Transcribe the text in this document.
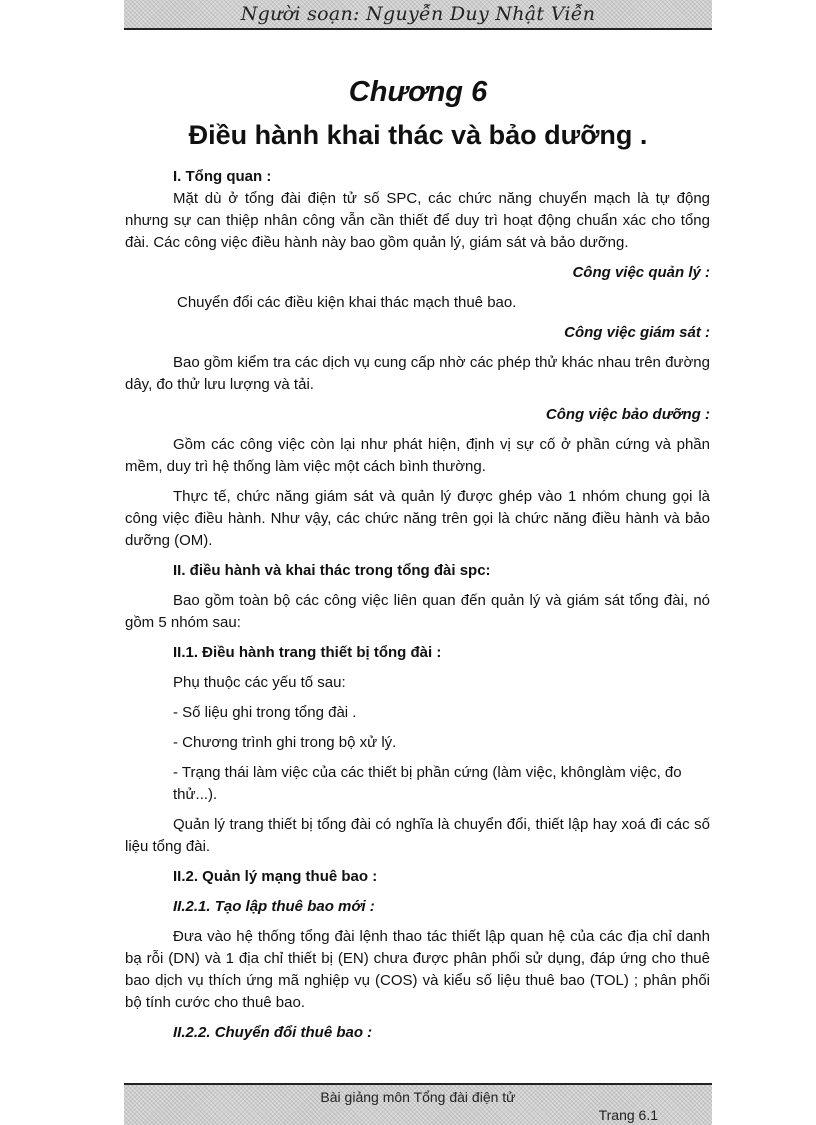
Người soạn: Nguyễn Duy Nhật Viễn
Chương 6
Điều hành khai thác và bảo dưỡng .

I. Tổng quan :

Mặt dù ở tổng đài điện tử số SPC, các chức năng chuyển mạch là tự động nhưng sự can thiệp nhân công vẫn cần thiết để duy trì hoạt động chuẩn xác cho tổng đài. Các công việc điều hành này bao gồm quản lý, giám sát và bảo dưỡng.

Công việc quản lý :

Chuyển đổi các điều kiện khai thác mạch thuê bao.

Công việc giám sát :

Bao gồm kiểm tra các dịch vụ cung cấp nhờ các phép thử khác nhau trên đường dây, đo thử lưu lượng và tải.

Công việc bảo dưỡng :

Gồm các công việc còn lại như phát hiện, định vị sự cố ở phần cứng và phần mềm, duy trì hệ thống làm việc một cách bình thường.

Thực tế, chức năng giám sát và quản lý được ghép vào 1 nhóm chung gọi là công việc điều hành. Như vậy, các chức năng trên gọi là chức năng điều hành và bảo dưỡng (OM).

II. điều hành và khai thác trong tổng đài spc:

Bao gồm toàn bộ các công việc liên quan đến quản lý và giám sát tổng đài, nó gồm 5 nhóm sau:

II.1. Điều hành trang thiết bị tổng đài :

Phụ thuộc các yếu tố sau:

- Số liệu ghi trong tổng đài .

- Chương trình ghi trong bộ xử lý.

- Trạng thái làm việc của các thiết bị phần cứng (làm việc, khônglàm việc, đo thử...).

Quản lý trang thiết bị tổng đài có nghĩa là chuyển đổi, thiết lập hay xoá đi các số liệu tổng đài.

II.2. Quản lý mạng thuê bao :

II.2.1. Tạo lập thuê bao mới :

Đưa vào hệ thống tổng đài lệnh thao tác thiết lập quan hệ của các địa chỉ danh bạ rỗi (DN) và 1 địa chỉ thiết bị (EN) chưa được phân phối sử dụng, đáp ứng cho thuê bao dịch vụ thích ứng mã nghiệp vụ (COS) và kiểu số liệu thuê bao (TOL) ; phân phối bộ tính cước cho thuê bao.

II.2.2. Chuyển đổi thuê bao :

Bài giảng môn Tổng đài điện tử
Trang 6.1
